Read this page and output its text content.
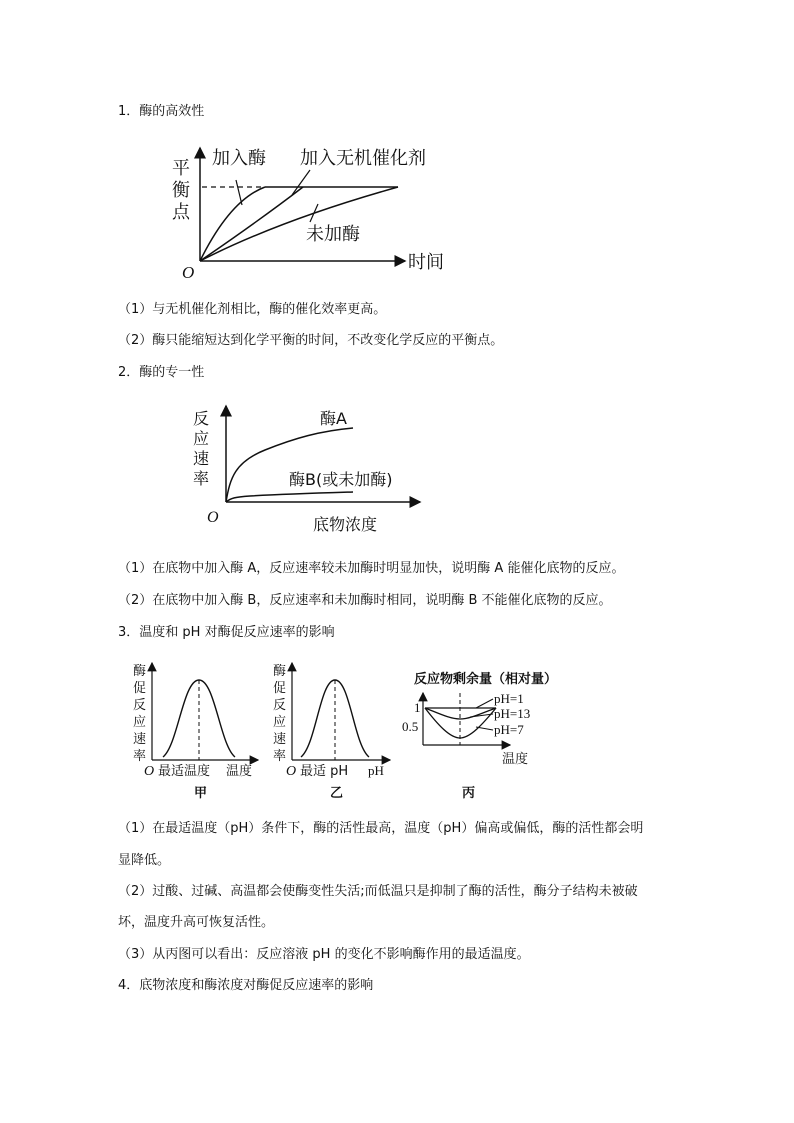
1．酶的高效性
平
衡
点
O	时间
加入酶 加入无机催化剂
未加酶
（1）与无机催化剂相比，酶的催化效率更高。
（2）酶只能缩短达到化学平衡的时间，不改变化学反应的平衡点。
2．酶的专一性
反
应
速
率
O	底物浓度
酶A
酶B(或未加酶)
（1）在底物中加入酶 A，反应速率较未加酶时明显加快，说明酶 A 能催化底物的反应。
（2）在底物中加入酶 B，反应速率和未加酶时相同，说明酶 B 不能催化底物的反应。
3．温度和 pH 对酶促反应速率的影响
酶
促
反
应
速
率
O 最适温度 温度
甲
酶
促
反
应
速
率
O 最适 pH pH
乙
反应物剩余量（相对量）
1
0.5
pH=1
pH=13
pH=7
温度
丙
（1）在最适温度（pH）条件下，酶的活性最高，温度（pH）偏高或偏低，酶的活性都会明
显降低。
（2）过酸、过碱、高温都会使酶变性失活;而低温只是抑制了酶的活性，酶分子结构未被破
坏，温度升高可恢复活性。
（3）从丙图可以看出：反应溶液 pH 的变化不影响酶作用的最适温度。
4．底物浓度和酶浓度对酶促反应速率的影响
